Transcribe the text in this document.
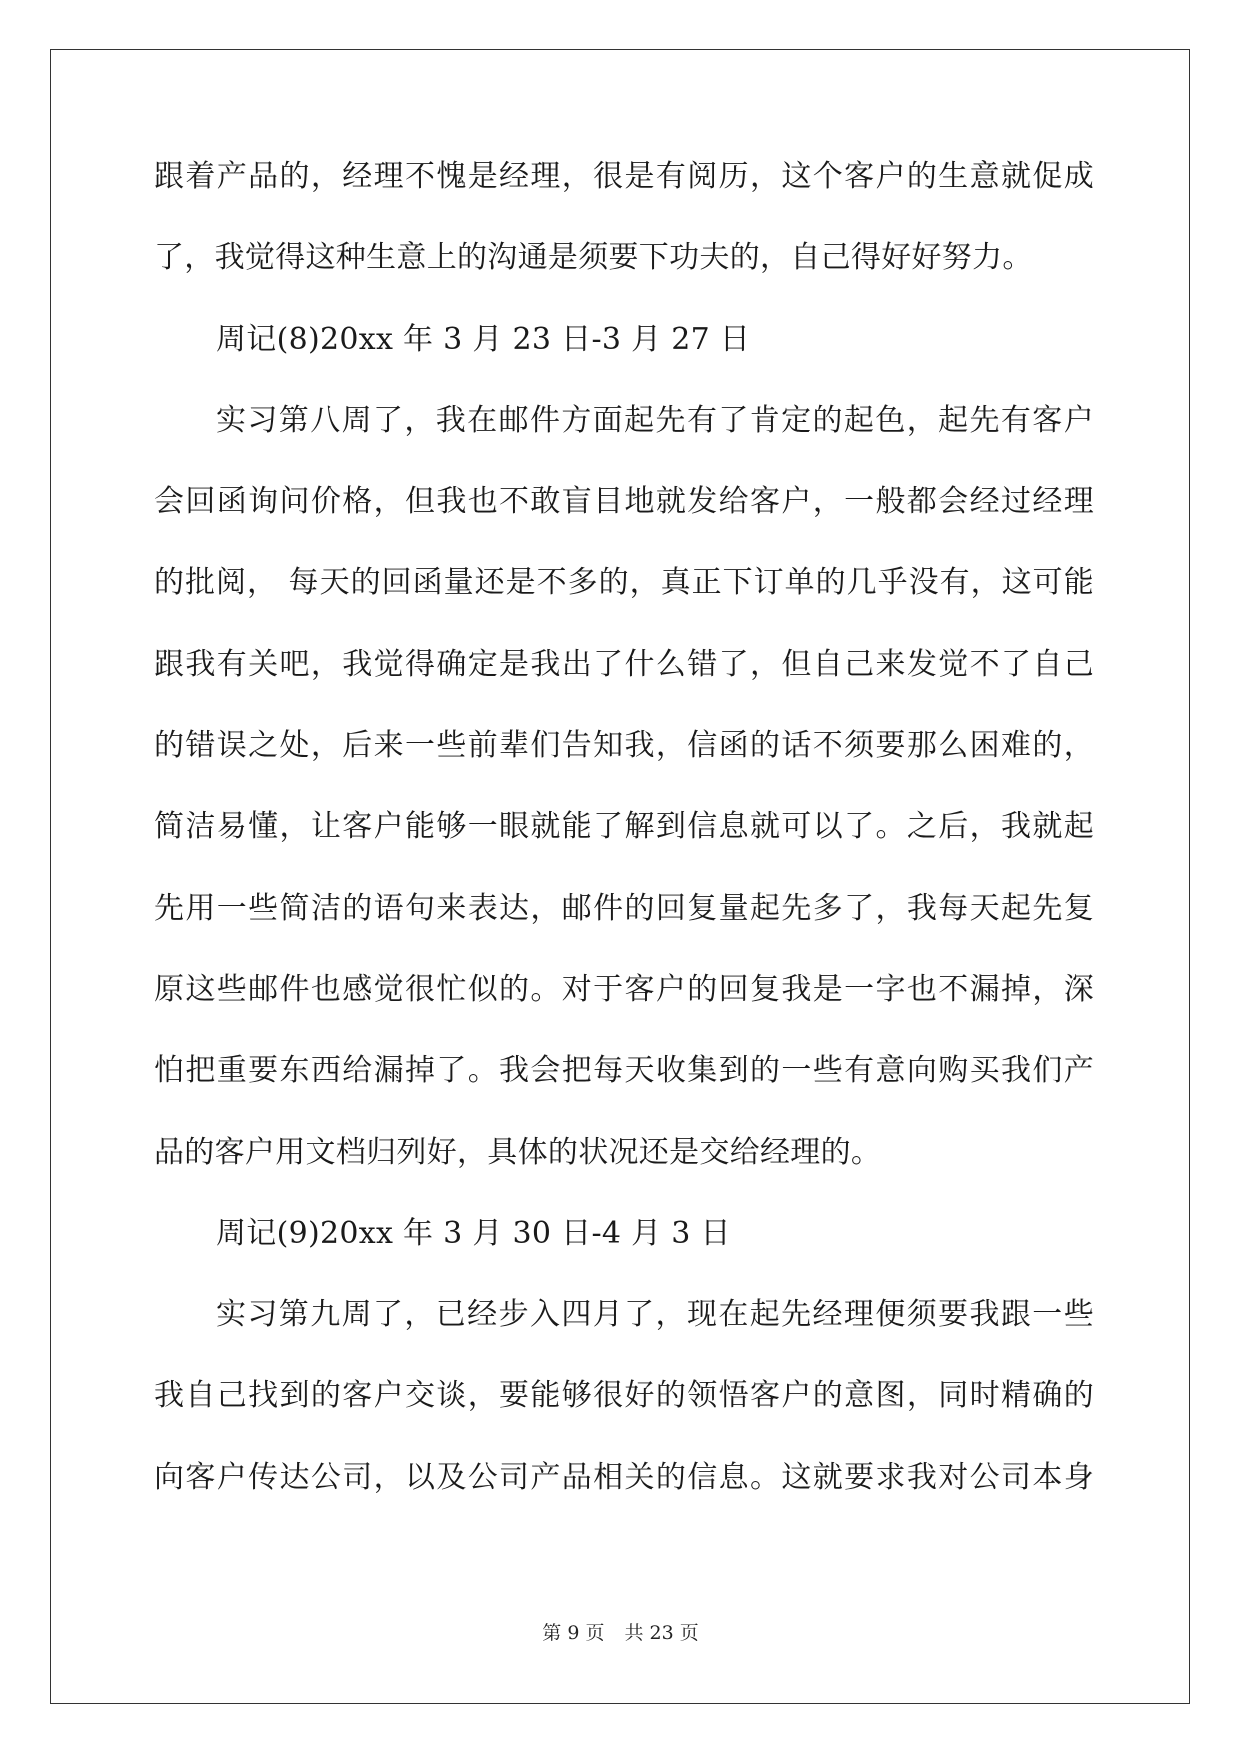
跟着产品的，经理不愧是经理，很是有阅历，这个客户的生意就促成
了，我觉得这种生意上的沟通是须要下功夫的，自己得好好努力。
周记(8)20xx 年 3 月 23 日-3 月 27 日
实习第八周了，我在邮件方面起先有了肯定的起色，起先有客户
会回函询问价格，但我也不敢盲目地就发给客户，一般都会经过经理
的批阅， 每天的回函量还是不多的，真正下订单的几乎没有，这可能
跟我有关吧，我觉得确定是我出了什么错了，但自己来发觉不了自己
的错误之处，后来一些前辈们告知我，信函的话不须要那么困难的，
简洁易懂，让客户能够一眼就能了解到信息就可以了。之后，我就起
先用一些简洁的语句来表达，邮件的回复量起先多了，我每天起先复
原这些邮件也感觉很忙似的。对于客户的回复我是一字也不漏掉，深
怕把重要东西给漏掉了。我会把每天收集到的一些有意向购买我们产
品的客户用文档归列好，具体的状况还是交给经理的。
周记(9)20xx 年 3 月 30 日-4 月 3 日
实习第九周了，已经步入四月了，现在起先经理便须要我跟一些
我自己找到的客户交谈，要能够很好的领悟客户的意图，同时精确的
向客户传达公司，以及公司产品相关的信息。这就要求我对公司本身
第 9 页 共 23 页
